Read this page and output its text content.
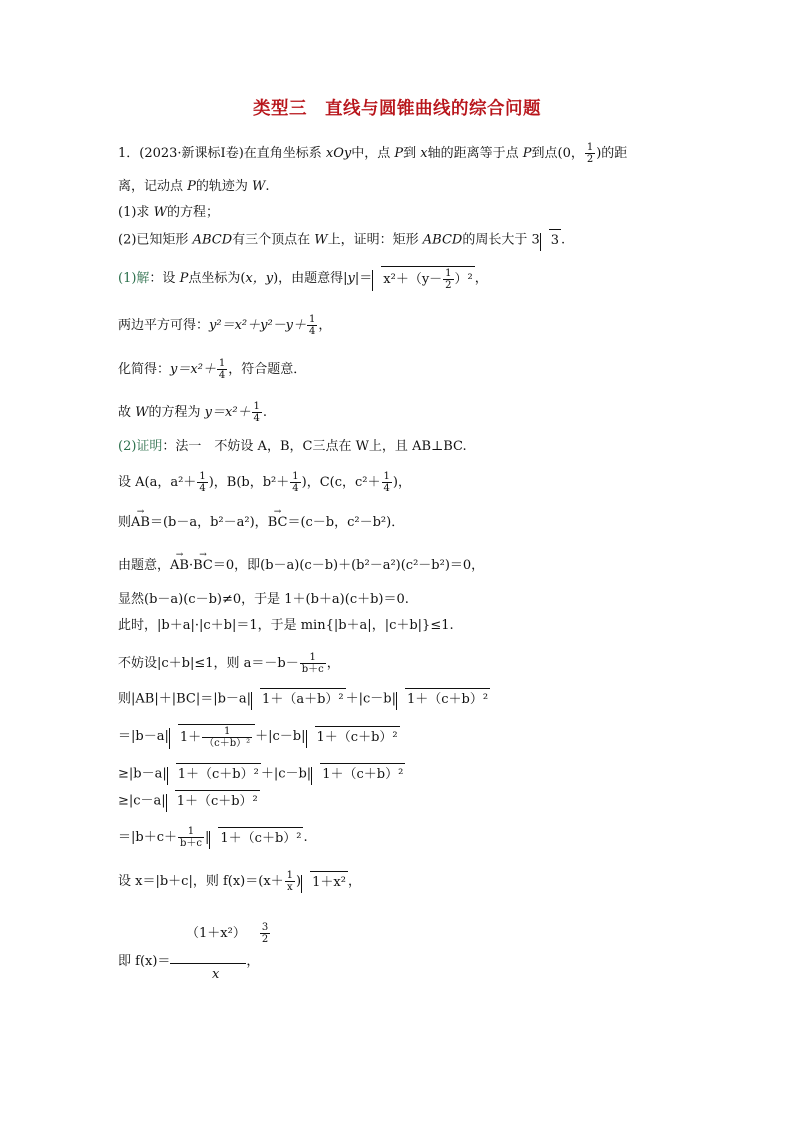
类型三　直线与圆锥曲线的综合问题
1．(2023·新课标Ⅰ卷)在直角坐标系 xOy中，点 P到 x轴的距离等于点 P到点(0， $\frac{1}{2}$ )的距
离，记动点 P的轨迹为 W.
(1)求 W的方程；
(2)已知矩形 ABCD有三个顶点在 W上，证明：矩形 ABCD的周长大于 3 3 .
(1)解：设 P点坐标为(x，y)，由题意得$|y|= x^2+(y- \frac{1}{2} )^2$ ，
两边平方可得：$y^2=x^2+y^2-y+ \frac{1}{4}$ ，
化简得：$y=x^2+ \frac{1}{4}$ ，符合题意．
故 W的方程为 $y=x^2+ \frac{1}{4}$ .
(2)证明：法一　不妨设 A，B，C三点在 W上，且 AB⊥BC.
设 A(a，$a^2+ \frac{1}{4}$ )，B(b，$b^2+ \frac{1}{4}$ )，C(c，$c^2+ \frac{1}{4}$ )，
则→ AB＝(b－a，b²－a²)，→ BC＝(c－b，c²－b²)．
由题意，→ AB·→ BC＝0，即(b－a)(c－b)＋(b²－a²)(c²－b²)＝0，
显然(b－a)(c－b)≠0，于是 1＋(b＋a)(c＋b)＝0.
此时，|b＋a|·|c＋b|＝1，于是 min{|b＋a|，|c＋b|}≤1.
不妨设|c＋b|≤1，则 $a=-b- \frac{1}{b+c}$ ，
则|AB|＋|BC|＝|b－a| 1＋（a＋b）² ＋|c－b| 1＋（c＋b）²
＝|b－a| $1+ \frac{1}{\text{（c＋b）²}} +|c-b|$ 1＋（c＋b）²
≥|b－a| 1＋（c＋b）² ＋|c－b| 1＋（c＋b）²
≥|c－a| 1＋（c＋b）²
$=|b+c+ \frac{1}{b+c}$ | 1＋（c＋b）² .
设 x＝|b＋c|，则 $f(x)=(x+ \frac{1}{x}$ ) 1＋x² ，
$(1+x^2) \frac{3}{2}$
即 f(x)＝	，
x
